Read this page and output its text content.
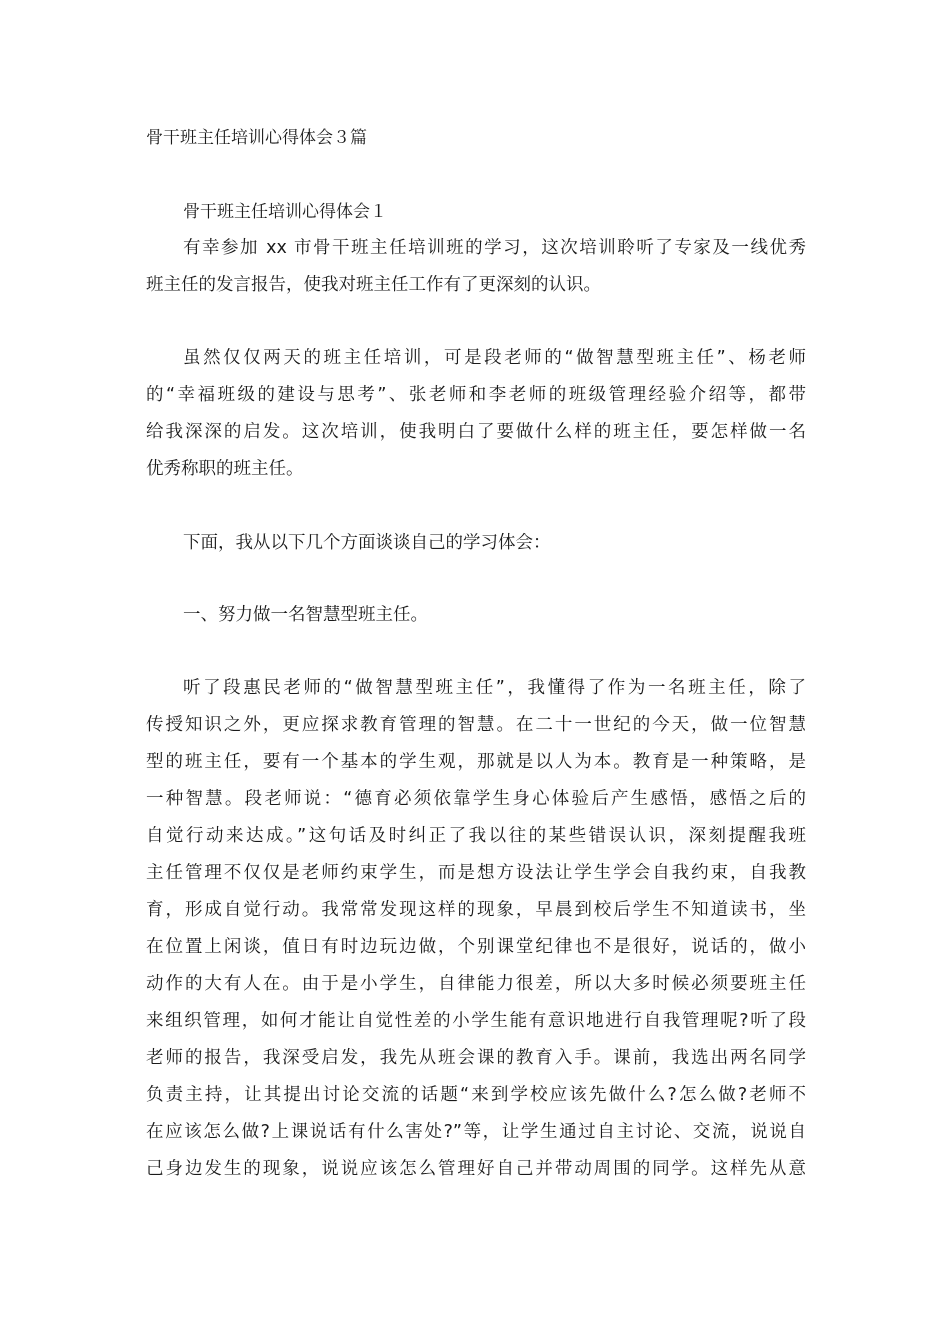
骨干班主任培训心得体会３篇
骨干班主任培训心得体会１
有幸参加 xx 市骨干班主任培训班的学习，这次培训聆听了专家及一线优秀
班主任的发言报告，使我对班主任工作有了更深刻的认识。
虽然仅仅两天的班主任培训，可是段老师的“做智慧型班主任”、杨老师
的“幸福班级的建设与思考”、张老师和李老师的班级管理经验介绍等，都带
给我深深的启发。这次培训，使我明白了要做什么样的班主任，要怎样做一名
优秀称职的班主任。
下面，我从以下几个方面谈谈自己的学习体会：
一、努力做一名智慧型班主任。
听了段惠民老师的“做智慧型班主任”，我懂得了作为一名班主任，除了
传授知识之外，更应探求教育管理的智慧。在二十一世纪的今天，做一位智慧
型的班主任，要有一个基本的学生观，那就是以人为本。教育是一种策略，是
一种智慧。段老师说：“德育必须依靠学生身心体验后产生感悟，感悟之后的
自觉行动来达成。”这句话及时纠正了我以往的某些错误认识，深刻提醒我班
主任管理不仅仅是老师约束学生，而是想方设法让学生学会自我约束，自我教
育，形成自觉行动。我常常发现这样的现象，早晨到校后学生不知道读书，坐
在位置上闲谈，值日有时边玩边做，个别课堂纪律也不是很好，说话的，做小
动作的大有人在。由于是小学生，自律能力很差，所以大多时候必须要班主任
来组织管理，如何才能让自觉性差的小学生能有意识地进行自我管理呢?听了段
老师的报告，我深受启发，我先从班会课的教育入手。课前，我选出两名同学
负责主持，让其提出讨论交流的话题“来到学校应该先做什么?怎么做?老师不
在应该怎么做?上课说话有什么害处?”等，让学生通过自主讨论、交流，说说自
己身边发生的现象，说说应该怎么管理好自己并带动周围的同学。这样先从意
